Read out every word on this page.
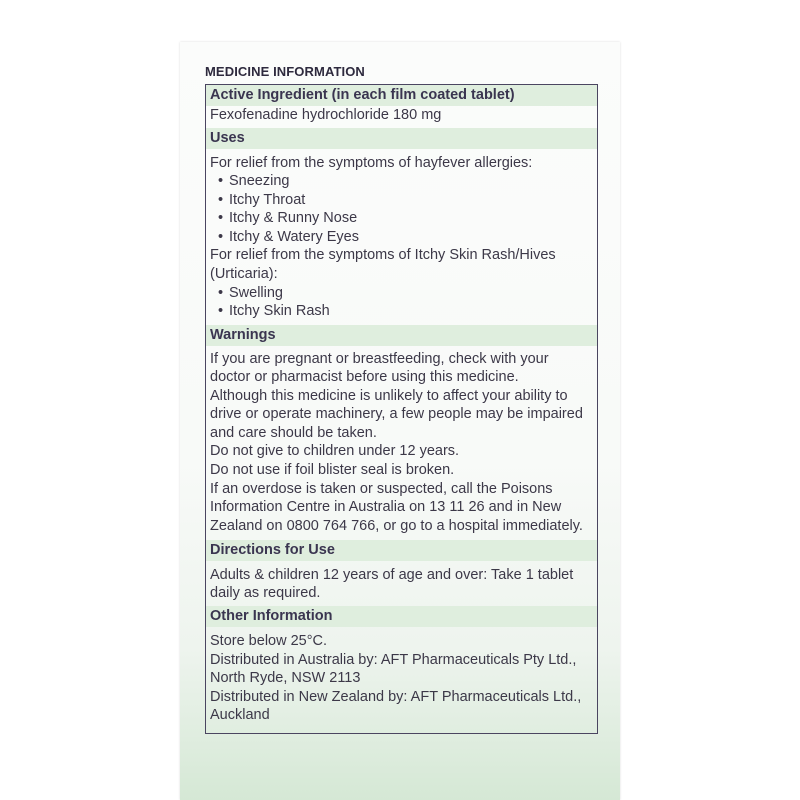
MEDICINE INFORMATION
Active Ingredient (in each film coated tablet)
Fexofenadine hydrochloride 180 mg
Uses
For relief from the symptoms of hayfever allergies:
• Sneezing
• Itchy Throat
• Itchy & Runny Nose
• Itchy & Watery Eyes
For relief from the symptoms of Itchy Skin Rash/Hives
(Urticaria):
• Swelling
• Itchy Skin Rash
Warnings
If you are pregnant or breastfeeding, check with your
doctor or pharmacist before using this medicine.
Although this medicine is unlikely to affect your ability to
drive or operate machinery, a few people may be impaired
and care should be taken.
Do not give to children under 12 years.
Do not use if foil blister seal is broken.
If an overdose is taken or suspected, call the Poisons
Information Centre in Australia on 13 11 26 and in New
Zealand on 0800 764 766, or go to a hospital immediately.
Directions for Use
Adults & children 12 years of age and over: Take 1 tablet
daily as required.
Other Information
Store below 25°C.
Distributed in Australia by: AFT Pharmaceuticals Pty Ltd.,
North Ryde, NSW 2113
Distributed in New Zealand by: AFT Pharmaceuticals Ltd.,
Auckland
